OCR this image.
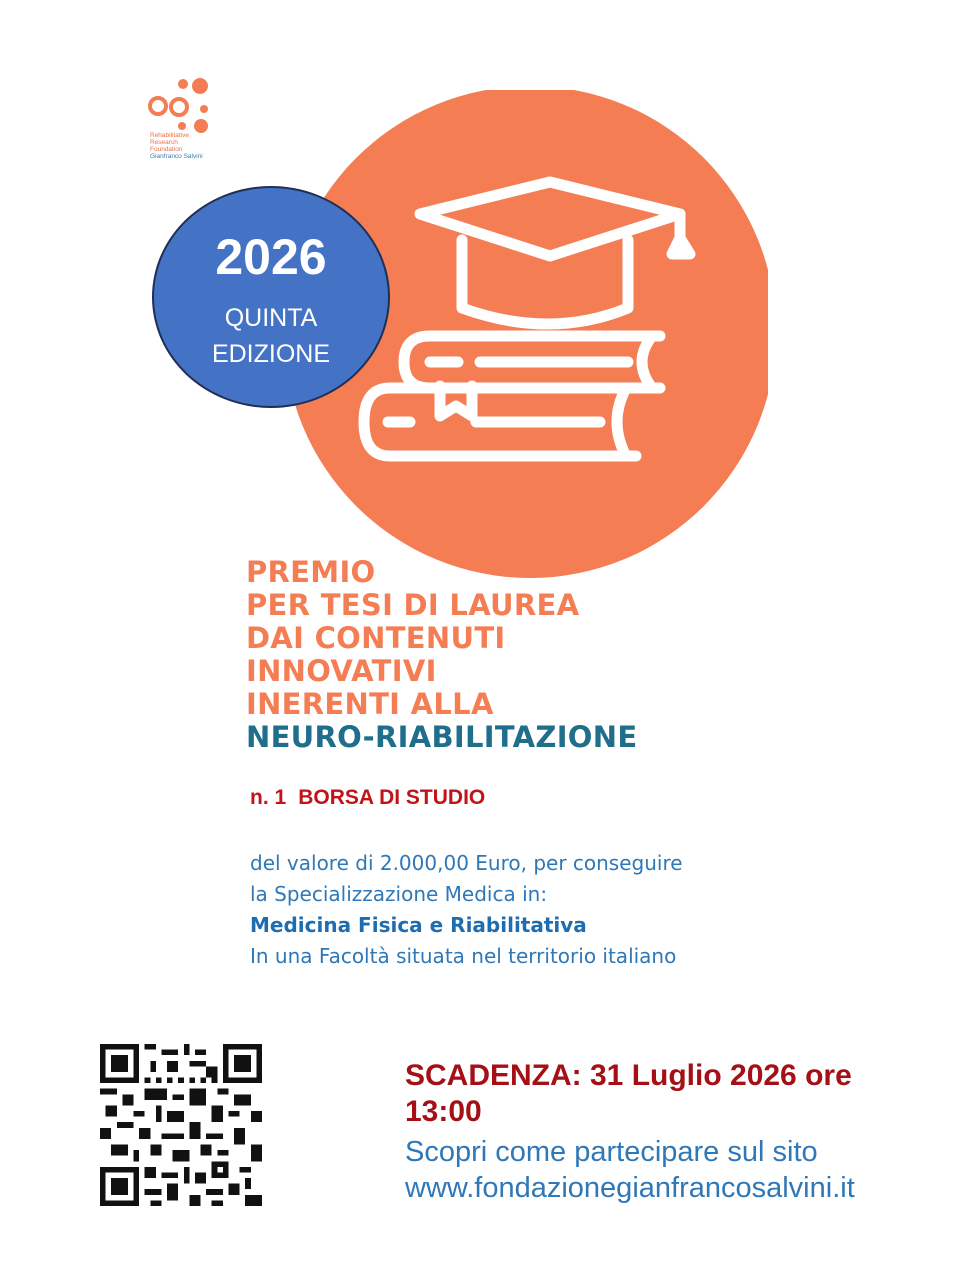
Rehabilitative
Research
Foundation
Gianfranco Salvini
2026
QUINTA
EDIZIONE
PREMIO
PER TESI DI LAUREA
DAI CONTENUTI
INNOVATIVI
INERENTI ALLA
NEURO-RIABILITAZIONE
n. 1 BORSA DI STUDIO
del valore di 2.000,00 Euro, per conseguire
la Specializzazione Medica in:
Medicina Fisica e Riabilitativa
In una Facoltà situata nel territorio italiano
SCADENZA: 31 Luglio 2026 ore 13:00
Scopri come partecipare sul sito
www.fondazionegianfrancosalvini.it
